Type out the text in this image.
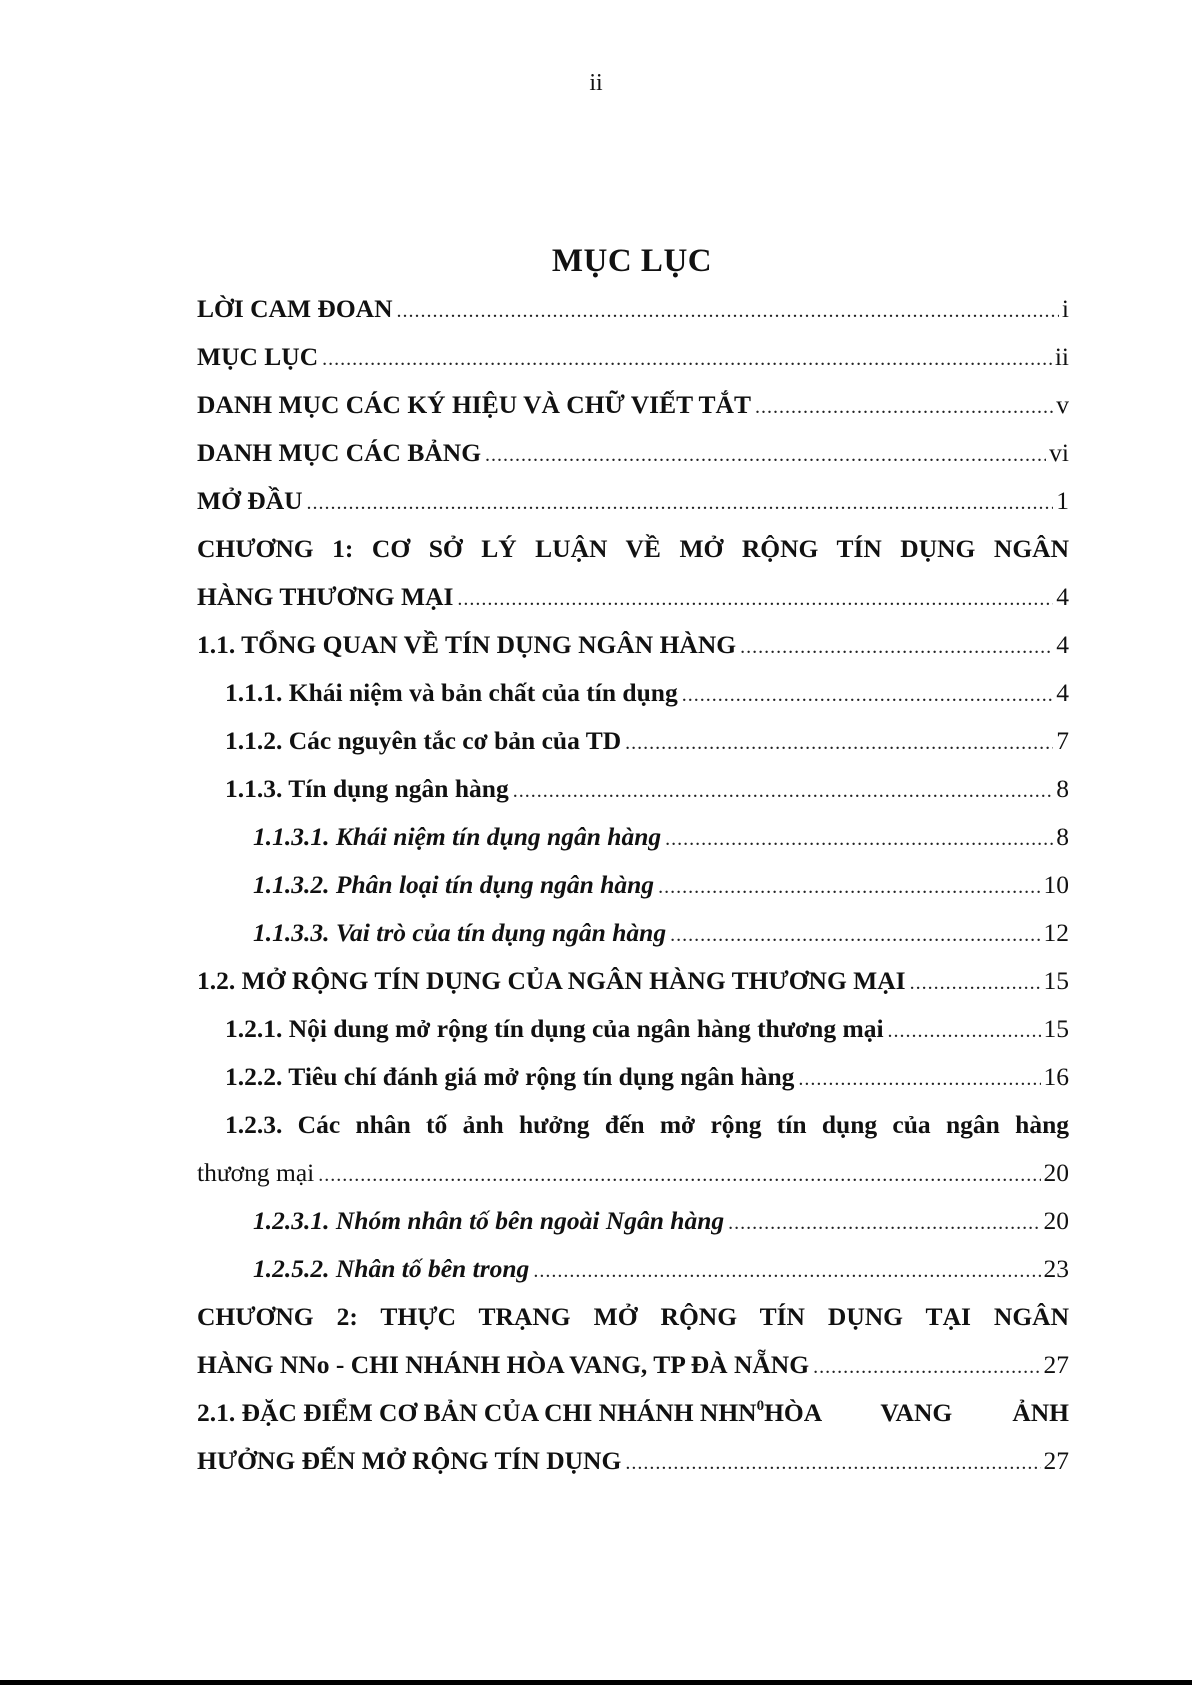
ii
MỤC LỤC
LỜI CAM ĐOAN .....	i
MỤC LỤC .....	ii
DANH MỤC CÁC KÝ HIỆU VÀ CHỮ VIẾT TẮT .....	v
DANH MỤC CÁC BẢNG .....	vi
MỞ ĐẦU .....	1
CHƯƠNG 1: CƠ SỞ LÝ LUẬN VỀ MỞ RỘNG TÍN DỤNG NGÂN
HÀNG THƯƠNG MẠI .....	4
1.1. TỔNG QUAN VỀ TÍN DỤNG NGÂN HÀNG .....	4
1.1.1. Khái niệm và bản chất của tín dụng .....	4
1.1.2. Các nguyên tắc cơ bản của TD .....	7
1.1.3. Tín dụng ngân hàng .....	8
1.1.3.1. Khái niệm tín dụng ngân hàng .....	8
1.1.3.2. Phân loại tín dụng ngân hàng .....	10
1.1.3.3. Vai trò của tín dụng ngân hàng .....	12
1.2. MỞ RỘNG TÍN DỤNG CỦA NGÂN HÀNG THƯƠNG MẠI .....	15
1.2.1. Nội dung mở rộng tín dụng của ngân hàng thương mại .....	15
1.2.2. Tiêu chí đánh giá mở rộng tín dụng ngân hàng .....	16
1.2.3. Các nhân tố ảnh hưởng đến mở rộng tín dụng của ngân hàng
thương mại .....	20
1.2.3.1. Nhóm nhân tố bên ngoài Ngân hàng .....	20
1.2.5.2. Nhân tố bên trong .....	23
CHƯƠNG 2: THỰC TRẠNG MỞ RỘNG TÍN DỤNG TẠI NGÂN
HÀNG NNo - CHI NHÁNH HÒA VANG, TP ĐÀ NẴNG .....	27
2.1. ĐẶC ĐIỂM CƠ BẢN CỦA CHI NHÁNH NHN 0 HÒA VANG ẢNH
HƯỞNG ĐẾN MỞ RỘNG TÍN DỤNG .....	27
